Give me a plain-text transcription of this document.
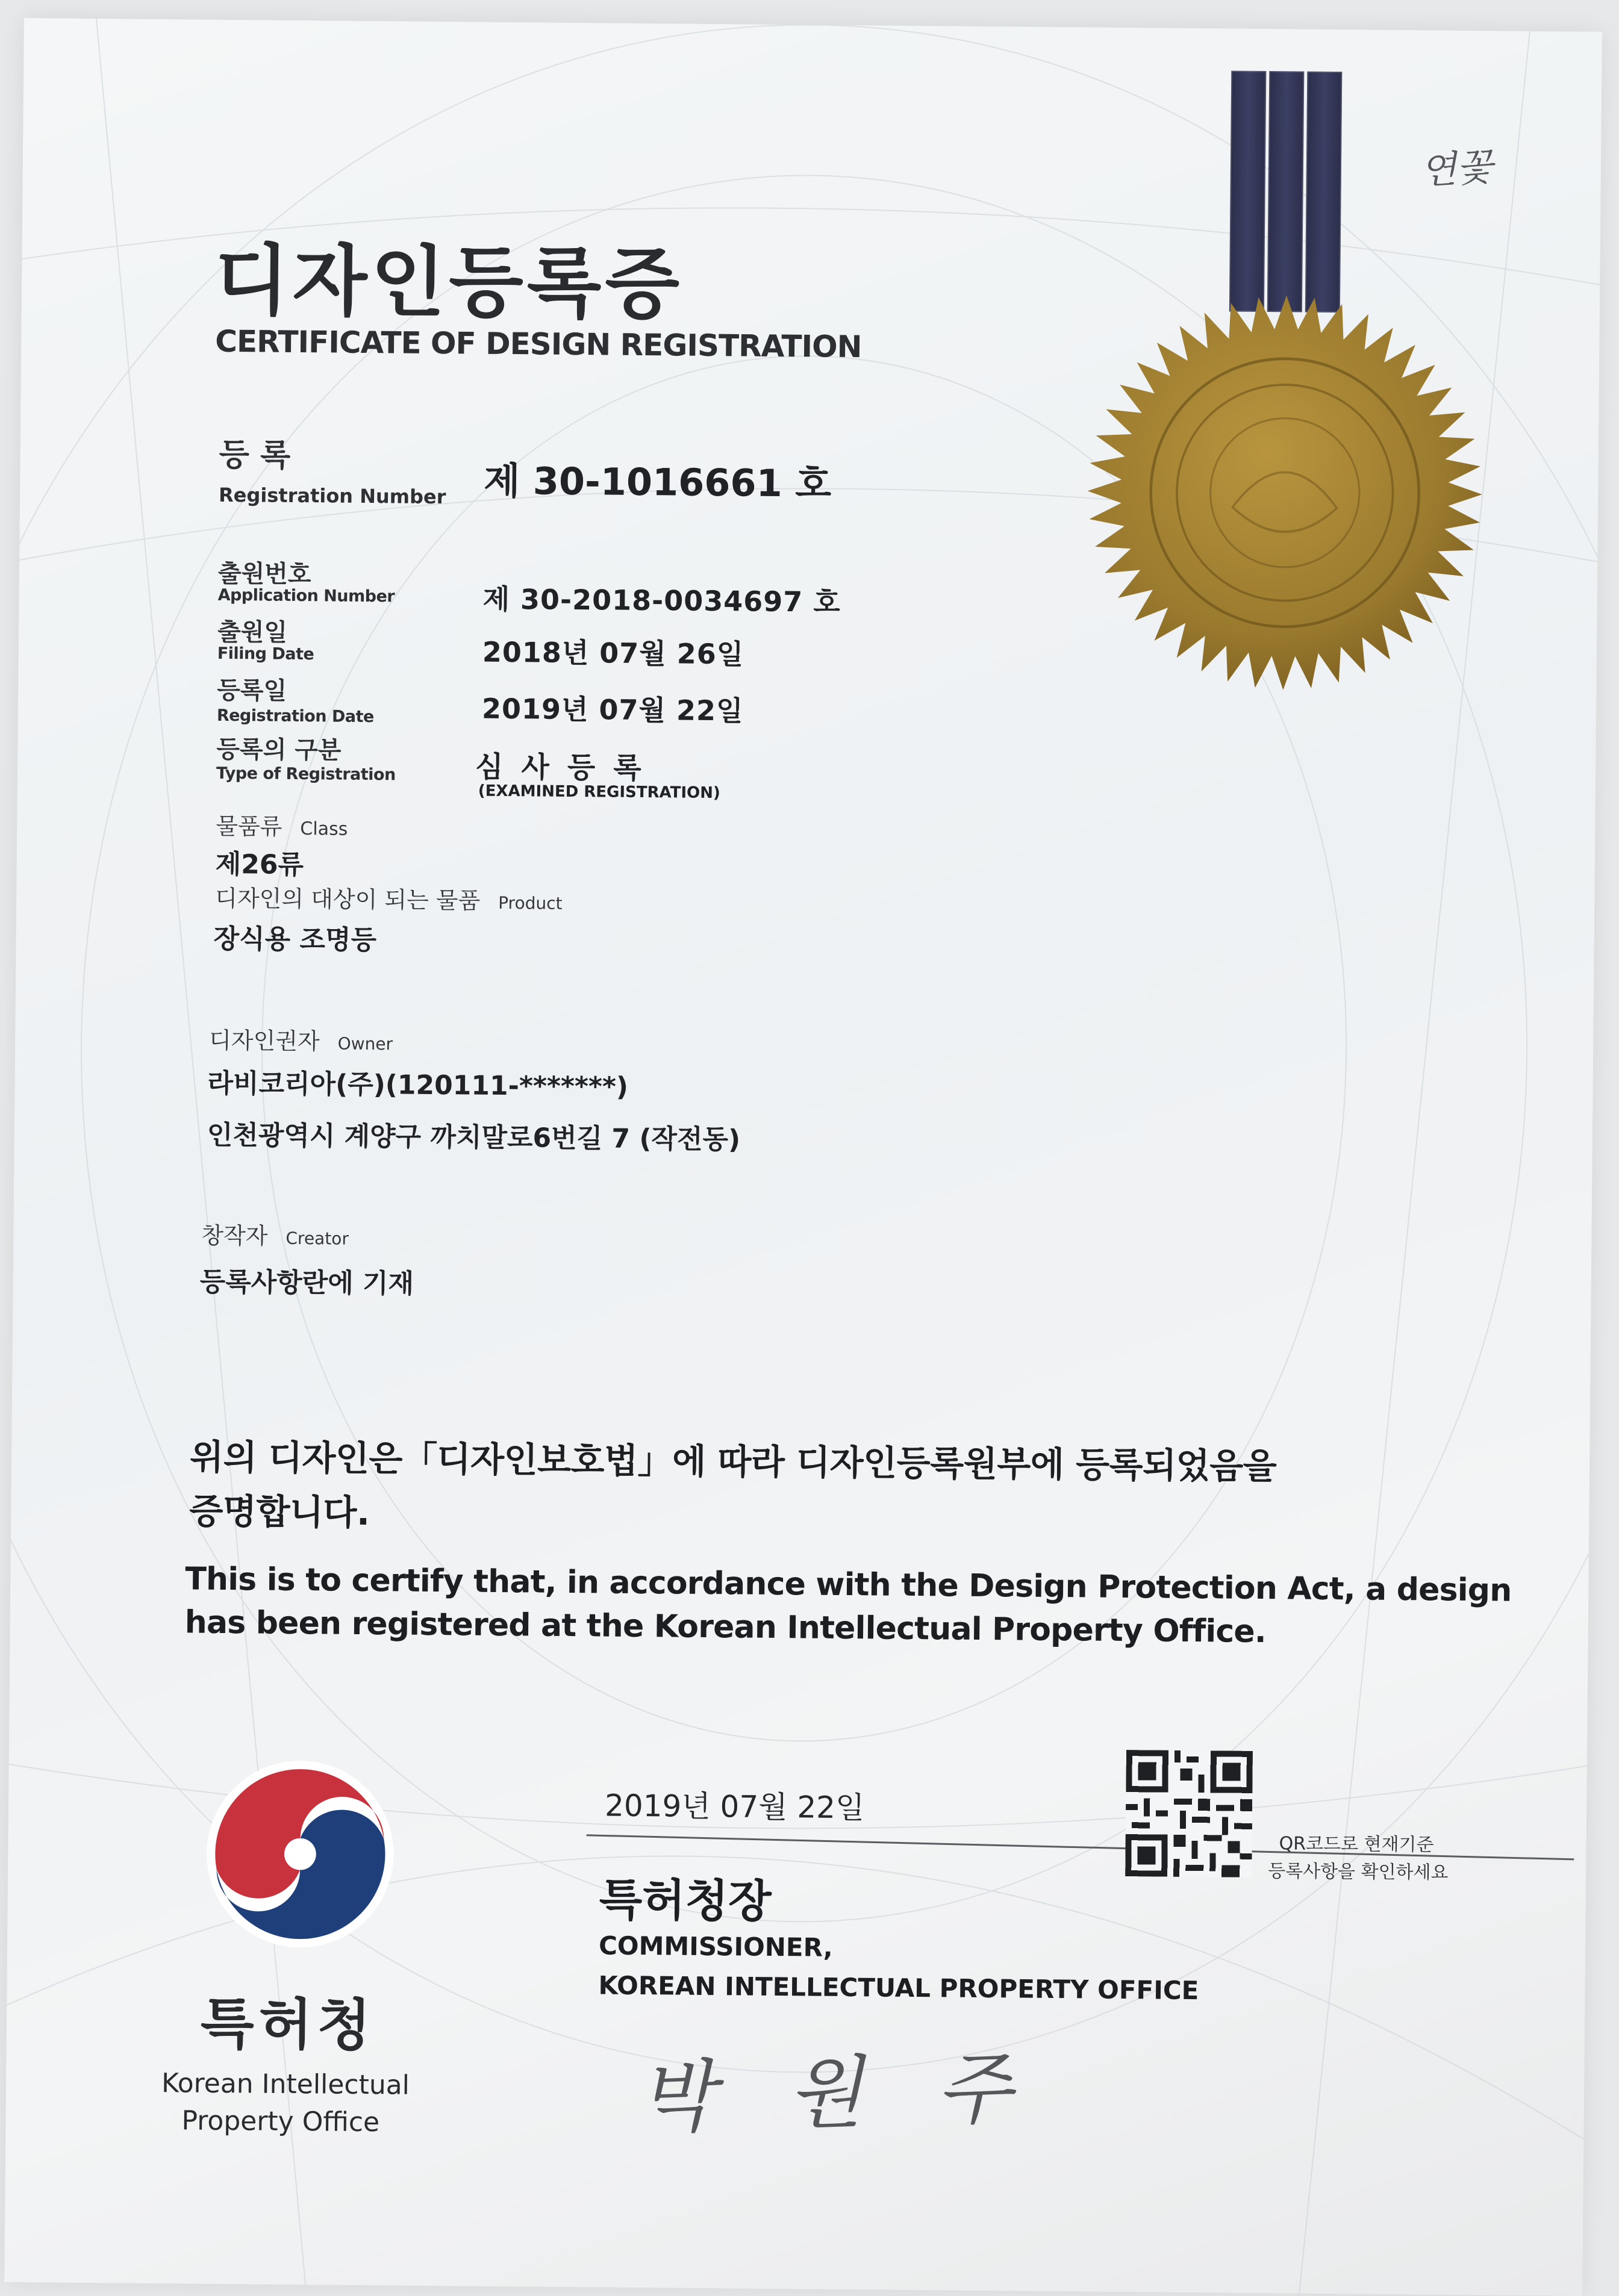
연꽃
디자인등록증
CERTIFICATE OF DESIGN REGISTRATION
등 록
Registration Number 제 30-1016661 호
출원번호
Application Number	제 30-2018-0034697 호
출원일
Filing Date	2018년 07월 26일
등록일
Registration Date	2019년 07월 22일
등록의 구분
Type of Registration	심사등록
(EXAMINED REGISTRATION)
물품류 Class
제26류
디자인의 대상이 되는 물품 Product
장식용 조명등
디자인권자 Owner
라비코리아(주)(120111-*******)
인천광역시 계양구 까치말로6번길 7 (작전동)
창작자 Creator
등록사항란에 기재
위의 디자인은「디자인보호법」에 따라 디자인등록원부에 등록되었음을
증명합니다.
This is to certify that, in accordance with the Design Protection Act, a design
has been registered at the Korean Intellectual Property Office.
특허청
Korean Intellectual
Property Office
2019년 07월 22일
특허청장
COMMISSIONER,
KOREAN INTELLECTUAL PROPERTY OFFICE
박 원 주
QR코드로 현재기준
등록사항을 확인하세요
